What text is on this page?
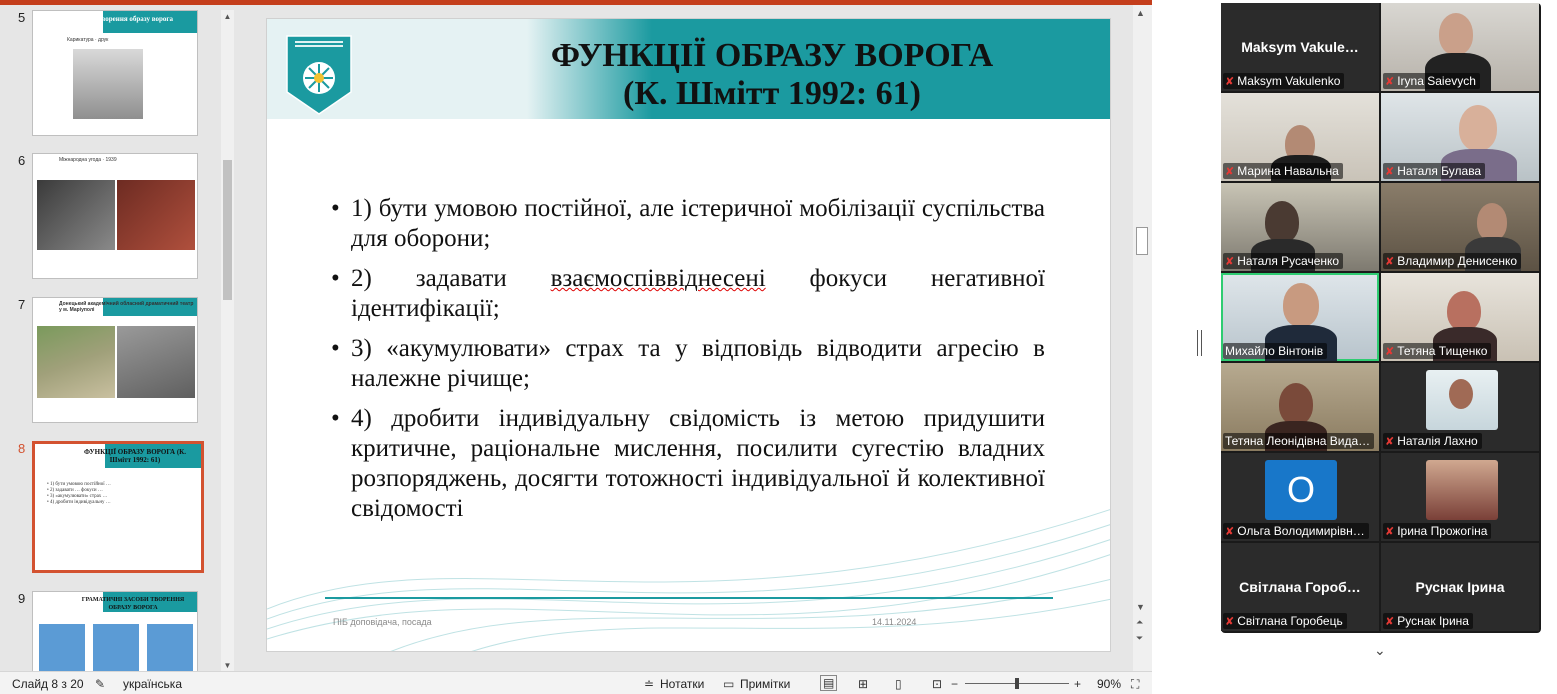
5	Утворення образу ворога
Карикатура · друк
6	Міжнародна угода · 1939
7	Донецький академічний обласний драматичний театр у м. Маріуполі
8	ФУНКЦІЇ ОБРАЗУ ВОРОГА (К. Шмітт 1992: 61)
• 1) бути умовою постійної …
• 2) задавати … фокуси …
• 3) «акумулювати» страх …
• 4) дробити індивідуальну …
9	ГРАМАТИЧНІ ЗАСОБИ ТВОРЕННЯ ОБРАЗУ ВОРОГА
▲
▼
ФУНКЦІЇ ОБРАЗУ ВОРОГА
(К. Шмітт 1992: 61)
• 1) бути умовою постійної, але істеричної мобілізації суспільства для оборони;
• 2) задавати взаємоспіввіднесені фокуси негативної ідентифікації;
• 3) «акумулювати» страх та у відповідь відводити агресію в належне річище;
• 4) дробити індивідуальну свідомість із метою придушити критичне, раціональне мислення, посилити сугестію владних розпоряджень, досягти тотожності індивідуальної й колективної свідомості
ПІБ доповідача, посада	14.11.2024
▲
▼
⏶
⏷
Слайд 8 з 20 ✎ українська	≐ Нотатки ▭ Примітки	▤ ⊞ ▯	⊡ −	+ 90% ⛶
Maksym Vakule…
✘ Maksym Vakulenko	✘ Iryna Saievych
✘ Марина Навальна	✘ Наталя Булава
✘ Наталя Русаченко	✘ Владимир Дениcенко
Михайло Вінтонів	✘ Тетяна Тищенко
Тетяна Леонідівна Вида…	✘ Наталія Лахно
O
✘ Ольга Володимирівн…	✘ Ірина Прожогіна
Світлана Гороб…
✘ Світлана Горобець
Руснак Ірина
✘ Руснак Ірина
⌄
